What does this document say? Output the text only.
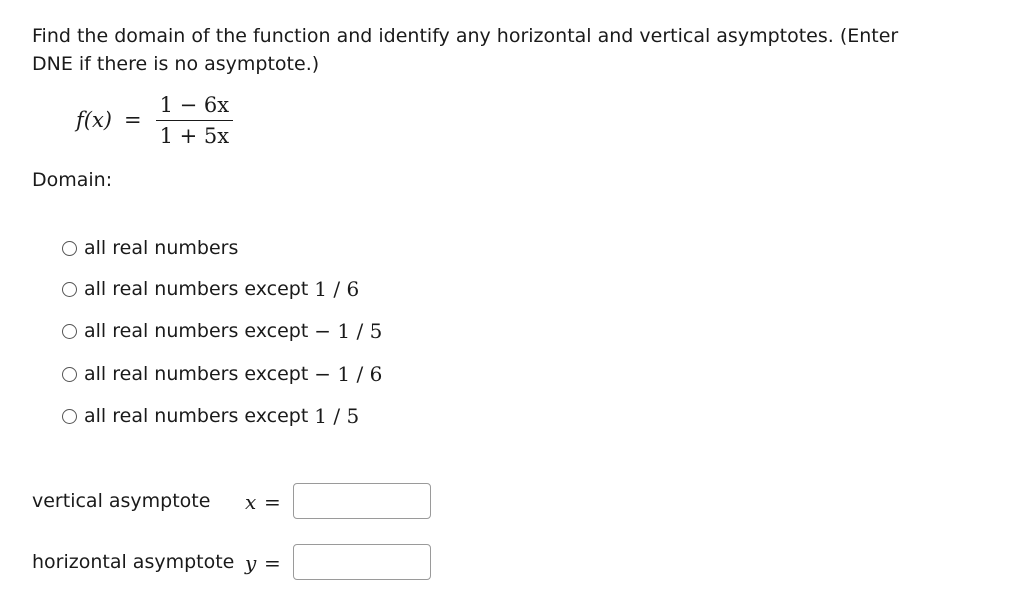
Find the domain of the function and identify any horizontal and vertical asymptotes. (Enter DNE if there is no asymptote.)
$f(x) = \frac{1 - 6x}{1 + 5x}$
Domain:
all real numbers
all real numbers except 1 / 6
all real numbers except − 1 / 5
all real numbers except − 1 / 6
all real numbers except 1 / 5
vertical asymptote x =
horizontal asymptote y =
